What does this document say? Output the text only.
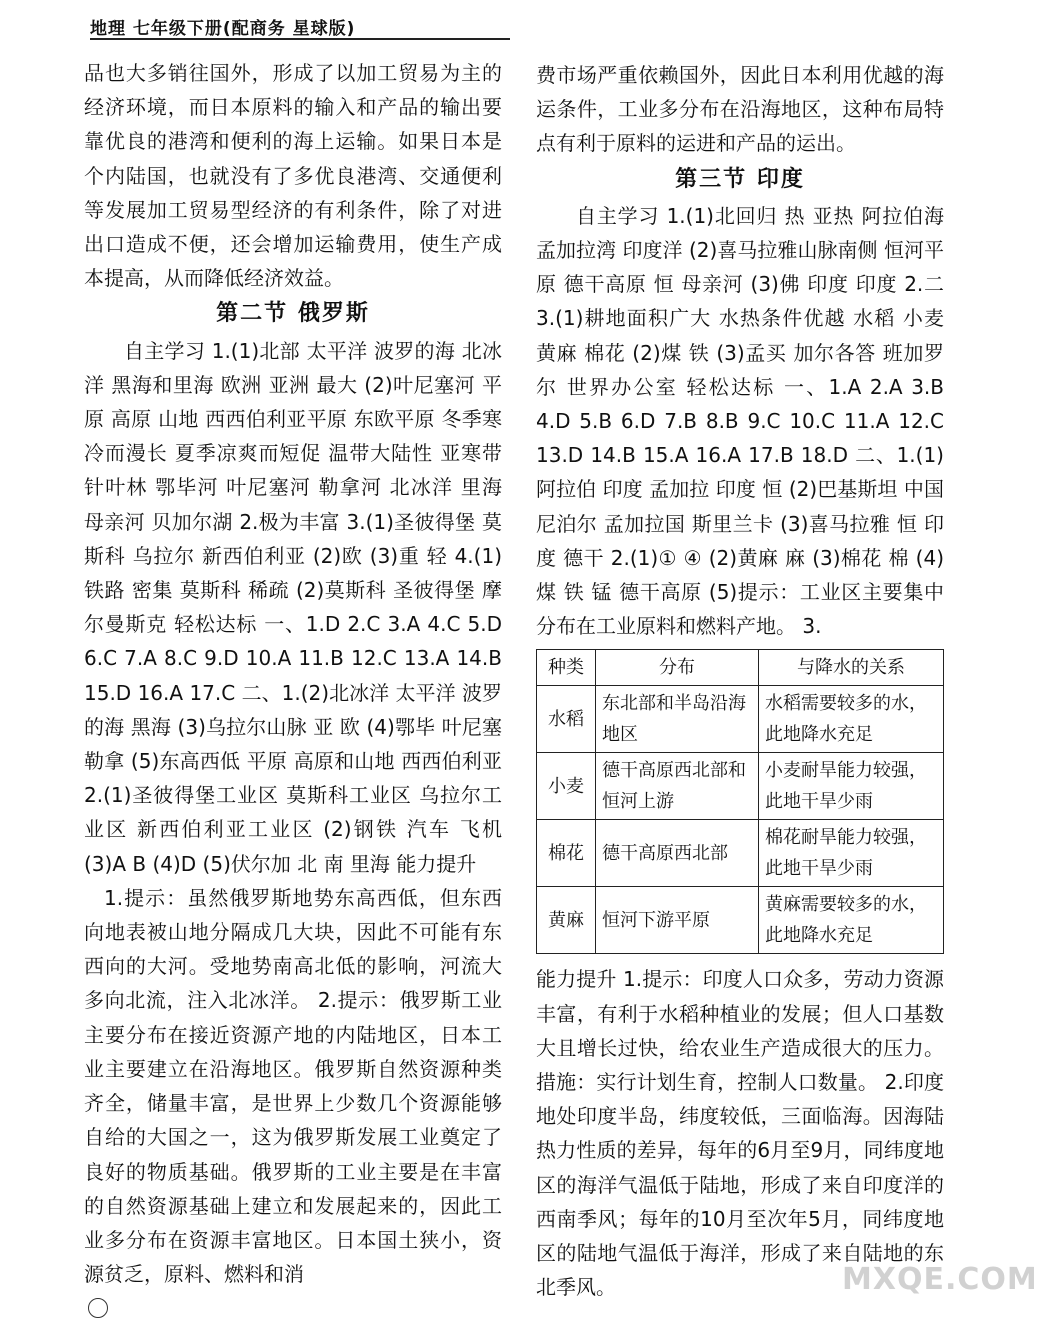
地理 七年级下册(配商务 星球版)

品也大多销往国外，形成了以加工贸易为主的经济环境，而日本原料的输入和产品的输出要靠优良的港湾和便利的海上运输。如果日本是个内陆国，也就没有了多优良港湾、交通便利等发展加工贸易型经济的有利条件，除了对进出口造成不便，还会增加运输费用，使生产成本提高，从而降低经济效益。

第二节 俄罗斯

自主学习 1.(1)北部 太平洋 波罗的海 北冰洋 黑海和里海 欧洲 亚洲 最大 (2)叶尼塞河 平原 高原 山地 西西伯利亚平原 东欧平原 冬季寒冷而漫长 夏季凉爽而短促 温带大陆性 亚寒带针叶林 鄂毕河 叶尼塞河 勒拿河 北冰洋 里海 母亲河 贝加尔湖 2.极为丰富 3.(1)圣彼得堡 莫斯科 乌拉尔 新西伯利亚 (2)欧 (3)重 轻 4.(1)铁路 密集 莫斯科 稀疏 (2)莫斯科 圣彼得堡 摩尔曼斯克 轻松达标 一、1.D 2.C 3.A 4.C 5.D 6.C 7.A 8.C 9.D 10.A 11.B 12.C 13.A 14.B 15.D 16.A 17.C 二、1.(2)北冰洋 太平洋 波罗的海 黑海 (3)乌拉尔山脉 亚 欧 (4)鄂毕 叶尼塞 勒拿 (5)东高西低 平原 高原和山地 西西伯利亚 2.(1)圣彼得堡工业区 莫斯科工业区 乌拉尔工业区 新西伯利亚工业区 (2)钢铁 汽车 飞机 (3)A B (4)D (5)伏尔加 北 南 里海 能力提升

1.提示：虽然俄罗斯地势东高西低，但东西向地表被山地分隔成几大块，因此不可能有东西向的大河。受地势南高北低的影响，河流大多向北流，注入北冰洋。 2.提示：俄罗斯工业主要分布在接近资源产地的内陆地区，日本工业主要建立在沿海地区。俄罗斯自然资源种类齐全，储量丰富，是世界上少数几个资源能够自给的大国之一，这为俄罗斯发展工业奠定了良好的物质基础。俄罗斯的工业主要是在丰富的自然资源基础上建立和发展起来的，因此工业多分布在资源丰富地区。日本国土狭小，资源贫乏，原料、燃料和消

费市场严重依赖国外，因此日本利用优越的海运条件，工业多分布在沿海地区，这种布局特点有利于原料的运进和产品的运出。

第三节 印度

自主学习 1.(1)北回归 热 亚热 阿拉伯海 孟加拉湾 印度洋 (2)喜马拉雅山脉南侧 恒河平原 德干高原 恒 母亲河 (3)佛 印度 印度 2.二 3.(1)耕地面积广大 水热条件优越 水稻 小麦 黄麻 棉花 (2)煤 铁 (3)孟买 加尔各答 班加罗尔 世界办公室 轻松达标 一、1.A 2.A 3.B 4.D 5.B 6.D 7.B 8.B 9.C 10.C 11.A 12.C 13.D 14.B 15.A 16.A 17.B 18.D 二、1.(1)阿拉伯 印度 孟加拉 印度 恒 (2)巴基斯坦 中国 尼泊尔 孟加拉国 斯里兰卡 (3)喜马拉雅 恒 印度 德干 2.(1)① ④ (2)黄麻 麻 (3)棉花 棉 (4)煤 铁 锰 德干高原 (5)提示：工业区主要集中分布在工业原料和燃料产地。 3.

种类	分布	与降水的关系
水稻	东北部和半岛沿海地区	水稻需要较多的水，此地降水充足
小麦	德干高原西北部和恒河上游	小麦耐旱能力较强，此地干旱少雨
棉花	德干高原西北部	棉花耐旱能力较强，此地干旱少雨
黄麻	恒河下游平原	黄麻需要较多的水，此地降水充足

能力提升 1.提示：印度人口众多，劳动力资源丰富，有利于水稻种植业的发展；但人口基数大且增长过快，给农业生产造成很大的压力。措施：实行计划生育，控制人口数量。 2.印度地处印度半岛，纬度较低，三面临海。因海陆热力性质的差异，每年的6月至9月，同纬度地区的海洋气温低于陆地，形成了来自印度洋的西南季风；每年的10月至次年5月，同纬度地区的陆地气温低于海洋，形成了来自陆地的东北季风。	MXQE.COM
